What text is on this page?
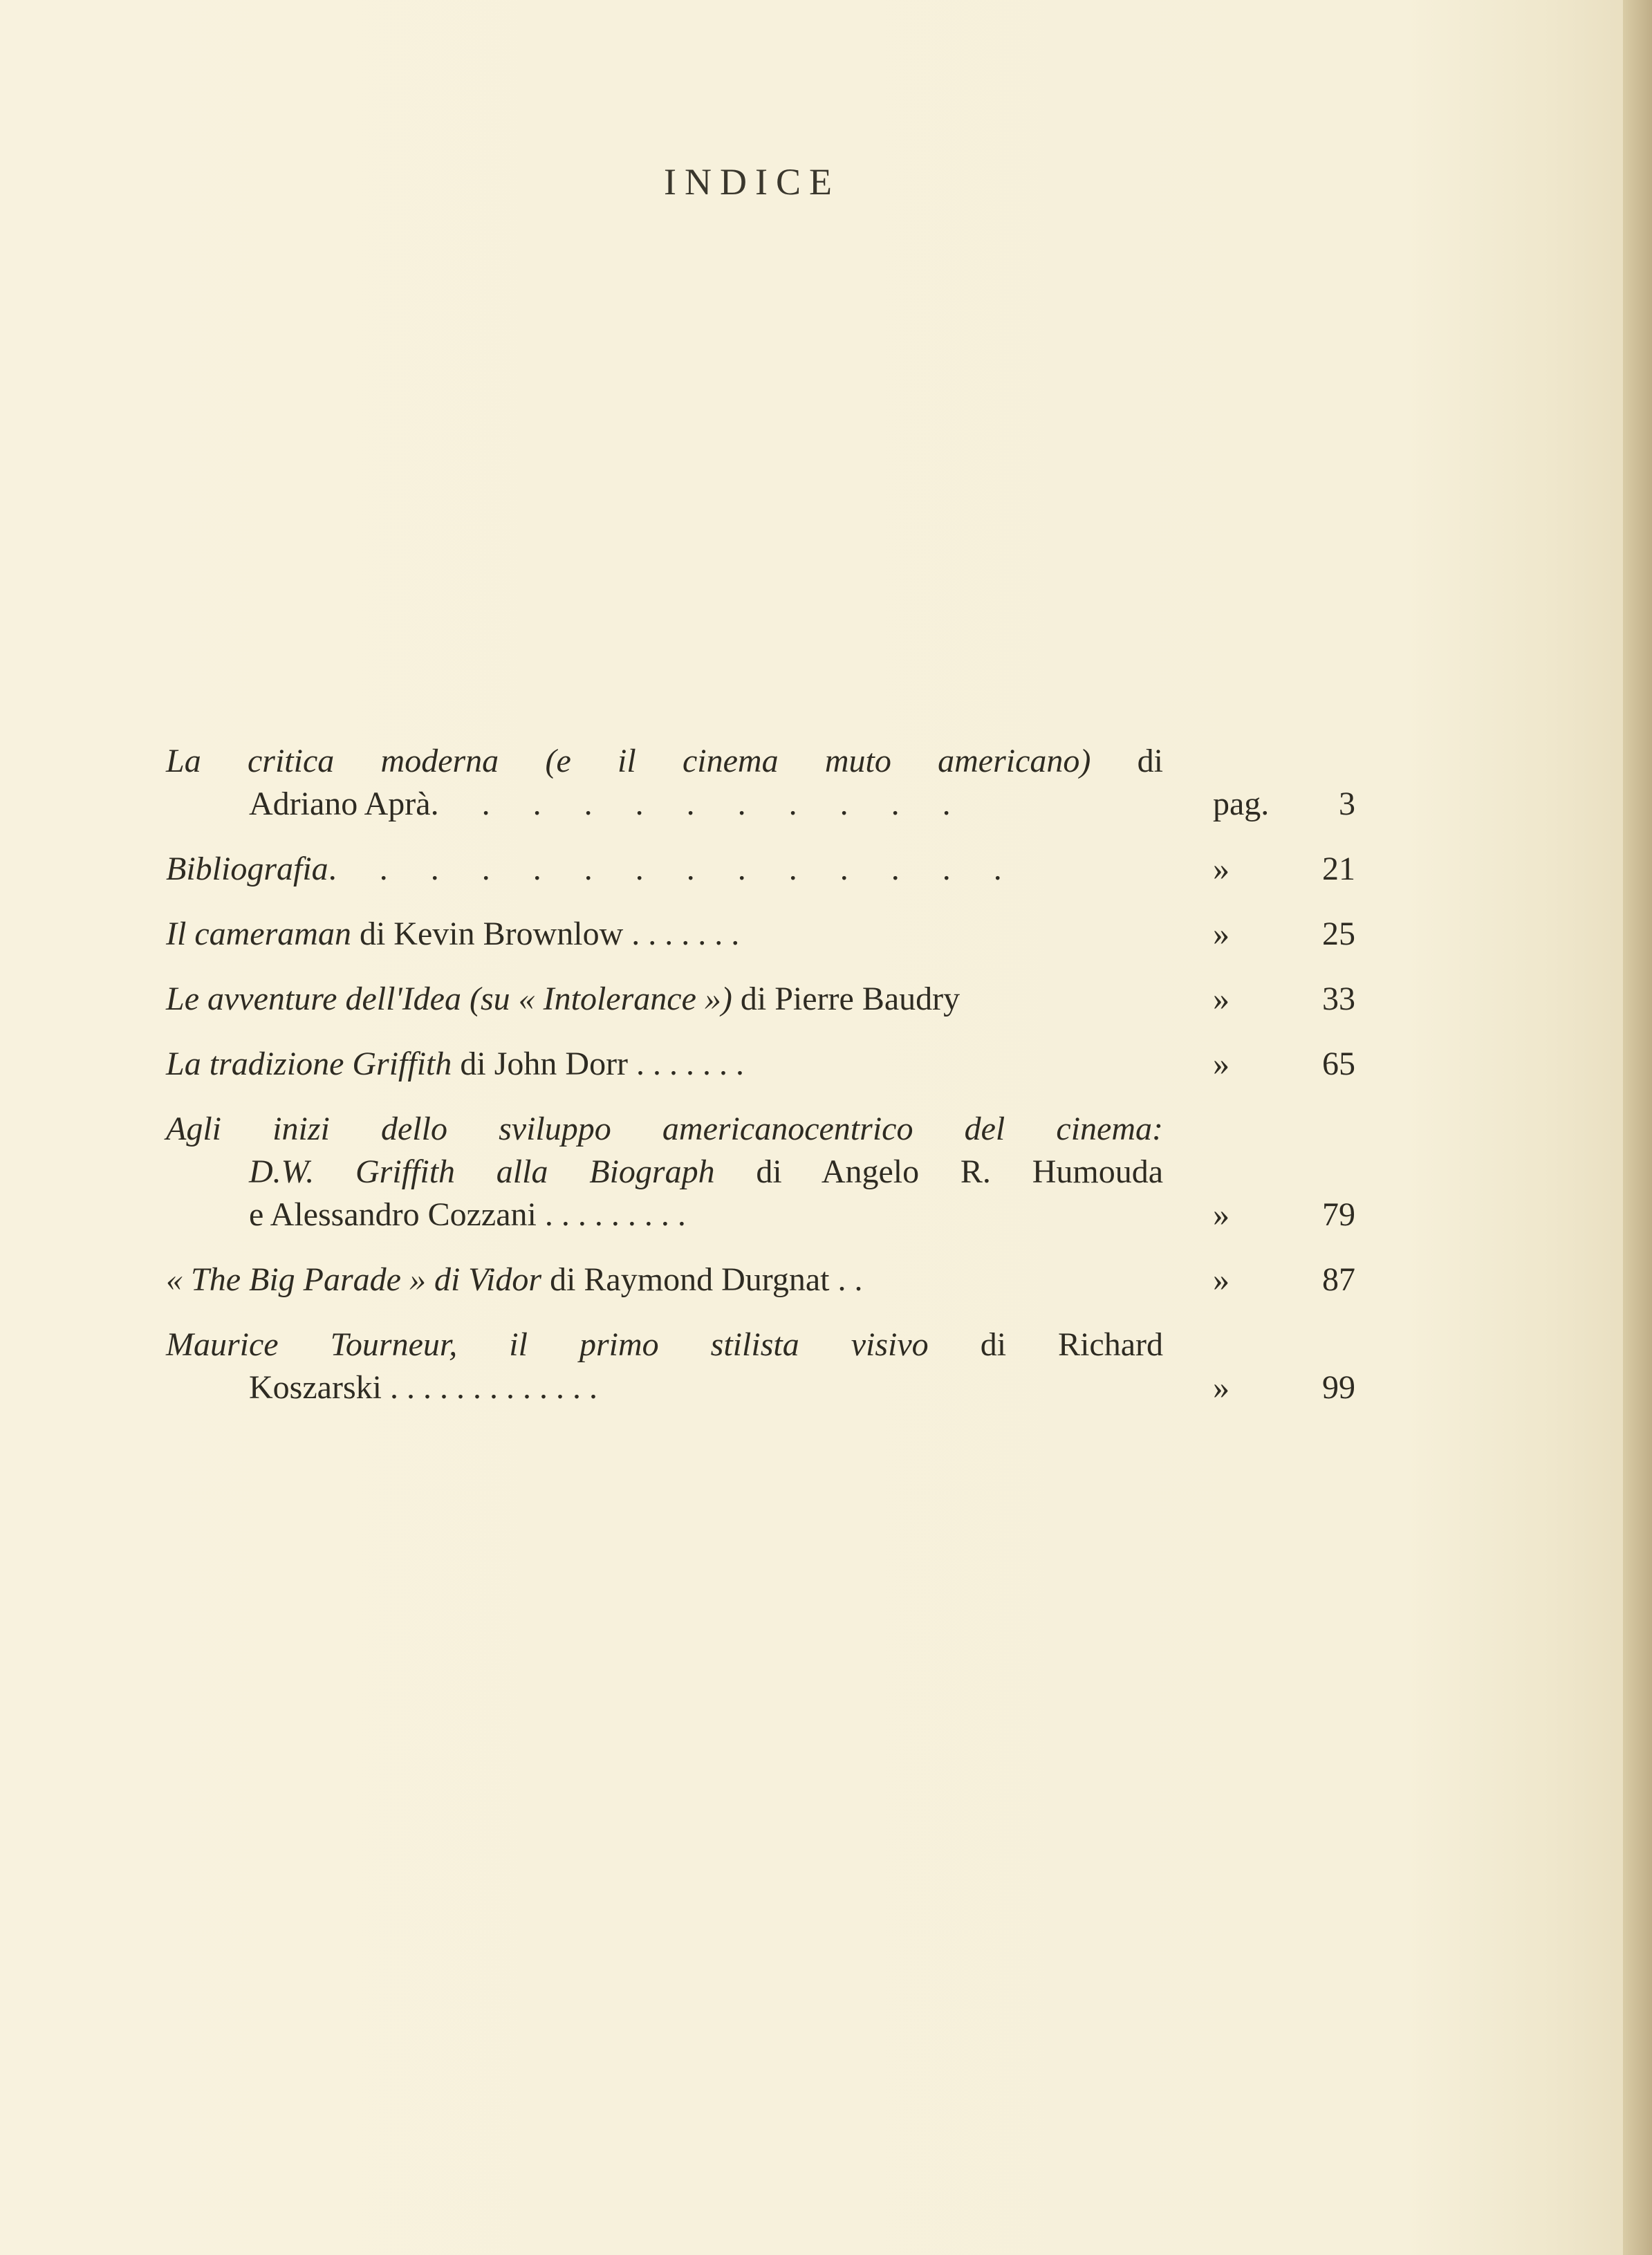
INDICE
La critica moderna (e il cinema muto americano) di
Adriano Aprà. . . . . . . . . . .	pag. 3
Bibliografia. . . . . . . . . . . . . .	»	21
Il cameraman di Kevin Brownlow . . . . . . .	»	25
Le avventure dell'Idea (su « Intolerance ») di Pierre Baudry	»	33
La tradizione Griffith di John Dorr . . . . . . .	»	65
Agli inizi dello sviluppo americanocentrico del cinema:
D.W. Griffith alla Biograph di Angelo R. Humouda
e Alessandro Cozzani . . . . . . . . .	»	79
« The Big Parade » di Vidor di Raymond Durgnat . .	»	87
Maurice Tourneur, il primo stilista visivo di Richard
Koszarski . . . . . . . . . . . . .	»	99
